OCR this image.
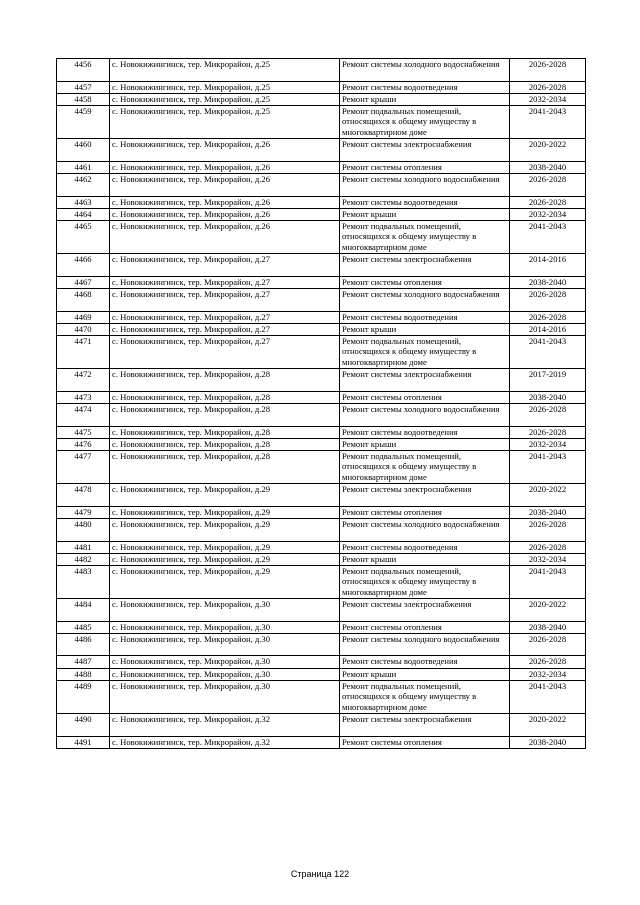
4456	с. Новокижингинск, тер. Микрорайон, д.25	Ремонт системы холодного водоснабжения	2026-2028
4457	с. Новокижингинск, тер. Микрорайон, д.25	Ремонт системы водоотведения	2026-2028
4458	с. Новокижингинск, тер. Микрорайон, д.25	Ремонт крыши	2032-2034
4459	с. Новокижингинск, тер. Микрорайон, д.25	Ремонт подвальных помещений, относящихся к общему имуществу в многоквартирном доме	2041-2043
4460	с. Новокижингинск, тер. Микрорайон, д.26	Ремонт системы электроснабжения	2020-2022
4461	с. Новокижингинск, тер. Микрорайон, д.26	Ремонт системы отопления	2038-2040
4462	с. Новокижингинск, тер. Микрорайон, д.26	Ремонт системы холодного водоснабжения	2026-2028
4463	с. Новокижингинск, тер. Микрорайон, д.26	Ремонт системы водоотведения	2026-2028
4464	с. Новокижингинск, тер. Микрорайон, д.26	Ремонт крыши	2032-2034
4465	с. Новокижингинск, тер. Микрорайон, д.26	Ремонт подвальных помещений, относящихся к общему имуществу в многоквартирном доме	2041-2043
4466	с. Новокижингинск, тер. Микрорайон, д.27	Ремонт системы электроснабжения	2014-2016
4467	с. Новокижингинск, тер. Микрорайон, д.27	Ремонт системы отопления	2038-2040
4468	с. Новокижингинск, тер. Микрорайон, д.27	Ремонт системы холодного водоснабжения	2026-2028
4469	с. Новокижингинск, тер. Микрорайон, д.27	Ремонт системы водоотведения	2026-2028
4470	с. Новокижингинск, тер. Микрорайон, д.27	Ремонт крыши	2014-2016
4471	с. Новокижингинск, тер. Микрорайон, д.27	Ремонт подвальных помещений, относящихся к общему имуществу в многоквартирном доме	2041-2043
4472	с. Новокижингинск, тер. Микрорайон, д.28	Ремонт системы электроснабжения	2017-2019
4473	с. Новокижингинск, тер. Микрорайон, д.28	Ремонт системы отопления	2038-2040
4474	с. Новокижингинск, тер. Микрорайон, д.28	Ремонт системы холодного водоснабжения	2026-2028
4475	с. Новокижингинск, тер. Микрорайон, д.28	Ремонт системы водоотведения	2026-2028
4476	с. Новокижингинск, тер. Микрорайон, д.28	Ремонт крыши	2032-2034
4477	с. Новокижингинск, тер. Микрорайон, д.28	Ремонт подвальных помещений, относящихся к общему имуществу в многоквартирном доме	2041-2043
4478	с. Новокижингинск, тер. Микрорайон, д.29	Ремонт системы электроснабжения	2020-2022
4479	с. Новокижингинск, тер. Микрорайон, д.29	Ремонт системы отопления	2038-2040
4480	с. Новокижингинск, тер. Микрорайон, д.29	Ремонт системы холодного водоснабжения	2026-2028
4481	с. Новокижингинск, тер. Микрорайон, д.29	Ремонт системы водоотведения	2026-2028
4482	с. Новокижингинск, тер. Микрорайон, д.29	Ремонт крыши	2032-2034
4483	с. Новокижингинск, тер. Микрорайон, д.29	Ремонт подвальных помещений, относящихся к общему имуществу в многоквартирном доме	2041-2043
4484	с. Новокижингинск, тер. Микрорайон, д.30	Ремонт системы электроснабжения	2020-2022
4485	с. Новокижингинск, тер. Микрорайон, д.30	Ремонт системы отопления	2038-2040
4486	с. Новокижингинск, тер. Микрорайон, д.30	Ремонт системы холодного водоснабжения	2026-2028
4487	с. Новокижингинск, тер. Микрорайон, д.30	Ремонт системы водоотведения	2026-2028
4488	с. Новокижингинск, тер. Микрорайон, д.30	Ремонт крыши	2032-2034
4489	с. Новокижингинск, тер. Микрорайон, д.30	Ремонт подвальных помещений, относящихся к общему имуществу в многоквартирном доме	2041-2043
4490	с. Новокижингинск, тер. Микрорайон, д.32	Ремонт системы электроснабжения	2020-2022
4491	с. Новокижингинск, тер. Микрорайон, д.32	Ремонт системы отопления	2038-2040
Страница 122
